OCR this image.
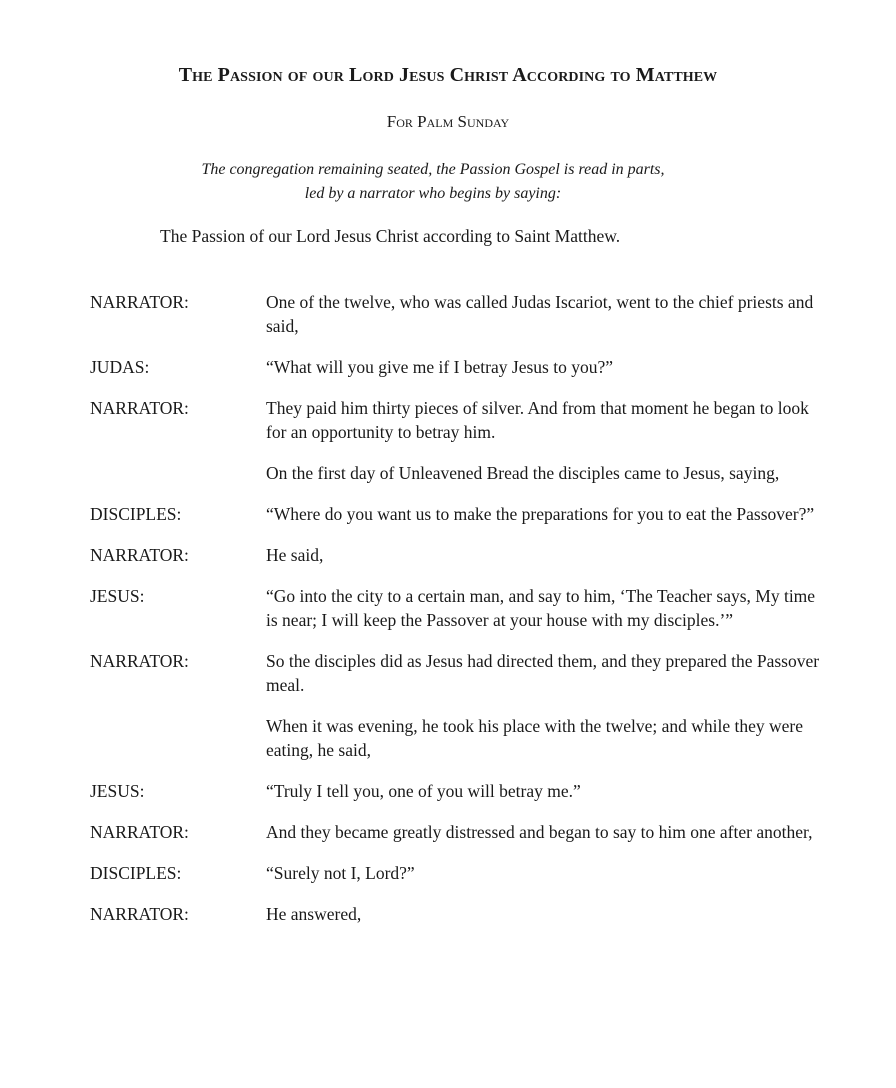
The Passion of our Lord Jesus Christ According to Matthew
For Palm Sunday
The congregation remaining seated, the Passion Gospel is read in parts,
led by a narrator who begins by saying:
The Passion of our Lord Jesus Christ according to Saint Matthew.
NARRATOR:	One of the twelve, who was called Judas Iscariot, went to the chief priests and said,
JUDAS:	“What will you give me if I betray Jesus to you?”
NARRATOR:	They paid him thirty pieces of silver. And from that moment he began to look for an opportunity to betray him.
On the first day of Unleavened Bread the disciples came to Jesus, saying,
DISCIPLES:	“Where do you want us to make the preparations for you to eat the Passover?”
NARRATOR:	He said,
JESUS:	“Go into the city to a certain man, and say to him, ‘The Teacher says, My time is near; I will keep the Passover at your house with my disciples.’”
NARRATOR:	So the disciples did as Jesus had directed them, and they prepared the Passover meal.
When it was evening, he took his place with the twelve; and while they were eating, he said,
JESUS:	“Truly I tell you, one of you will betray me.”
NARRATOR:	And they became greatly distressed and began to say to him one after another,
DISCIPLES:	“Surely not I, Lord?”
NARRATOR:	He answered,
